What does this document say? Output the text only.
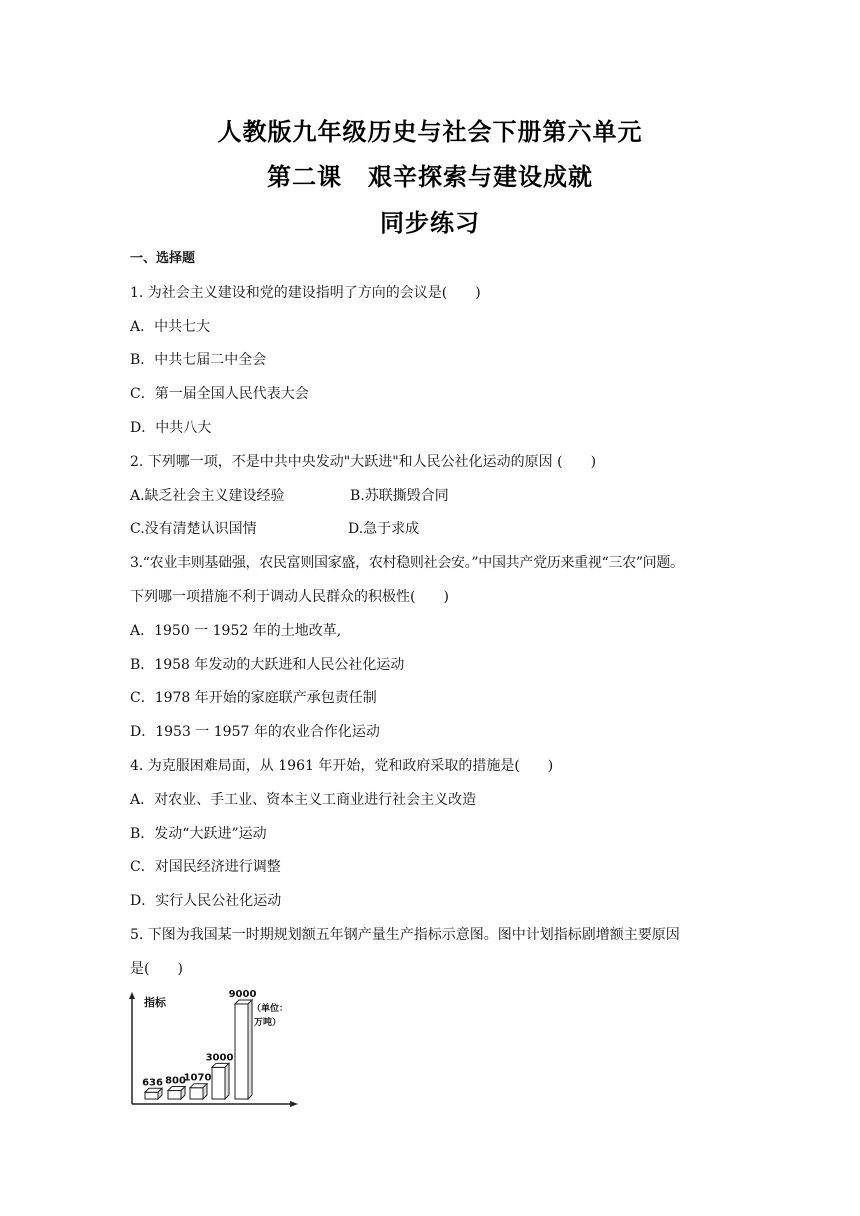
人教版九年级历史与社会下册第六单元
第二课 艰辛探索与建设成就
同步练习
一、选择题
1. 为社会主义建设和党的建设指明了方向的会议是(　　)
A．中共七大
B．中共七届二中全会
C．第一届全国人民代表大会
D．中共八大
2. 下列哪一项，不是中共中央发动"大跃进"和人民公社化运动的原因 (　　)
A.缺乏社会主义建设经验	B.苏联撕毁合同
C.没有清楚认识国情	D.急于求成
3.“农业丰则基础强，农民富则国家盛，农村稳则社会安。”中国共产党历来重视“三农”问题。
下列哪一项措施不利于调动人民群众的积极性(　　)
A．1950 一 1952 年的土地改革,
B．1958 年发动的大跃进和人民公社化运动
C．1978 年开始的家庭联产承包责任制
D．1953 一 1957 年的农业合作化运动
4. 为克服困难局面，从 1961 年开始，党和政府采取的措施是(　　)
A．对农业、手工业、资本主义工商业进行社会主义改造
B．发动“大跃进”运动
C．对国民经济进行调整
D．实行人民公社化运动
5. 下图为我国某一时期规划额五年钢产量生产指标示意图。图中计划指标剧增额主要原因
是(　　)
指标	（单位：
万吨）
636 800
1070
3000
9000
